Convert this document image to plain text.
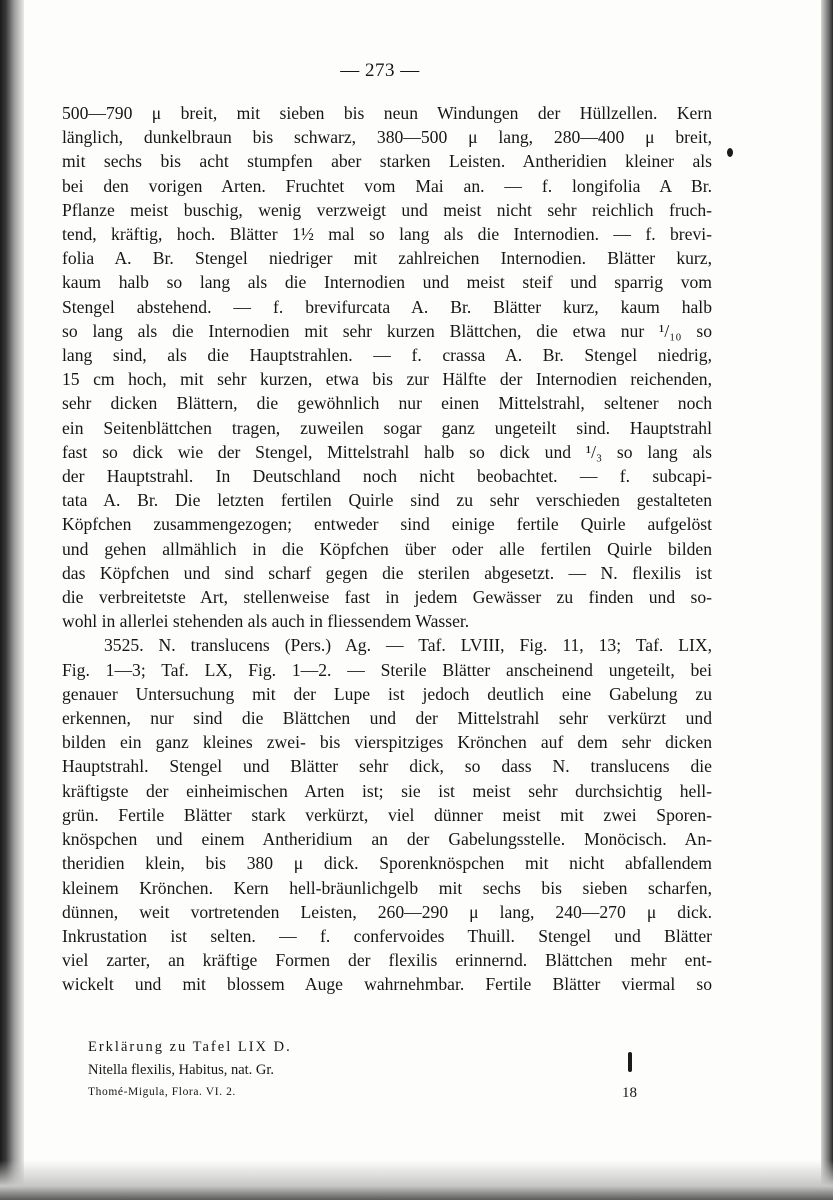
— 273 —
500—790 μ breit, mit sieben bis neun Windungen der Hüllzellen. Kern
länglich, dunkelbraun bis schwarz, 380—500 μ lang, 280—400 μ breit,
mit sechs bis acht stumpfen aber starken Leisten. Antheridien kleiner als
bei den vorigen Arten. Fruchtet vom Mai an. — f. longifolia A Br.
Pflanze meist buschig, wenig verzweigt und meist nicht sehr reichlich fruch-
tend, kräftig, hoch. Blätter 1½ mal so lang als die Internodien. — f. brevi-
folia A. Br. Stengel niedriger mit zahlreichen Internodien. Blätter kurz,
kaum halb so lang als die Internodien und meist steif und sparrig vom
Stengel abstehend. — f. brevifurcata A. Br. Blätter kurz, kaum halb
so lang als die Internodien mit sehr kurzen Blättchen, die etwa nur ¹/₁₀ so
lang sind, als die Hauptstrahlen. — f. crassa A. Br. Stengel niedrig,
15 cm hoch, mit sehr kurzen, etwa bis zur Hälfte der Internodien reichenden,
sehr dicken Blättern, die gewöhnlich nur einen Mittelstrahl, seltener noch
ein Seitenblättchen tragen, zuweilen sogar ganz ungeteilt sind. Hauptstrahl
fast so dick wie der Stengel, Mittelstrahl halb so dick und ¹/₃ so lang als
der Hauptstrahl. In Deutschland noch nicht beobachtet. — f. subcapi-
tata A. Br. Die letzten fertilen Quirle sind zu sehr verschieden gestalteten
Köpfchen zusammengezogen; entweder sind einige fertile Quirle aufgelöst
und gehen allmählich in die Köpfchen über oder alle fertilen Quirle bilden
das Köpfchen und sind scharf gegen die sterilen abgesetzt. — N. flexilis ist
die verbreitetste Art, stellenweise fast in jedem Gewässer zu finden und so-
wohl in allerlei stehenden als auch in fliessendem Wasser.
3525. N. translucens (Pers.) Ag. — Taf. LVIII, Fig. 11, 13; Taf. LIX,
Fig. 1—3; Taf. LX, Fig. 1—2. — Sterile Blätter anscheinend ungeteilt, bei
genauer Untersuchung mit der Lupe ist jedoch deutlich eine Gabelung zu
erkennen, nur sind die Blättchen und der Mittelstrahl sehr verkürzt und
bilden ein ganz kleines zwei- bis vierspitziges Krönchen auf dem sehr dicken
Hauptstrahl. Stengel und Blätter sehr dick, so dass N. translucens die
kräftigste der einheimischen Arten ist; sie ist meist sehr durchsichtig hell-
grün. Fertile Blätter stark verkürzt, viel dünner meist mit zwei Sporen-
knöspchen und einem Antheridium an der Gabelungsstelle. Monöcisch. An-
theridien klein, bis 380 μ dick. Sporenknöspchen mit nicht abfallendem
kleinem Krönchen. Kern hell-bräunlichgelb mit sechs bis sieben scharfen,
dünnen, weit vortretenden Leisten, 260—290 μ lang, 240—270 μ dick.
Inkrustation ist selten. — f. confervoides Thuill. Stengel und Blätter
viel zarter, an kräftige Formen der flexilis erinnernd. Blättchen mehr ent-
wickelt und mit blossem Auge wahrnehmbar. Fertile Blätter viermal so
Erklärung zu Tafel LIX D.
Nitella flexilis, Habitus, nat. Gr.
Thomé-Migula, Flora. VI. 2.	18
